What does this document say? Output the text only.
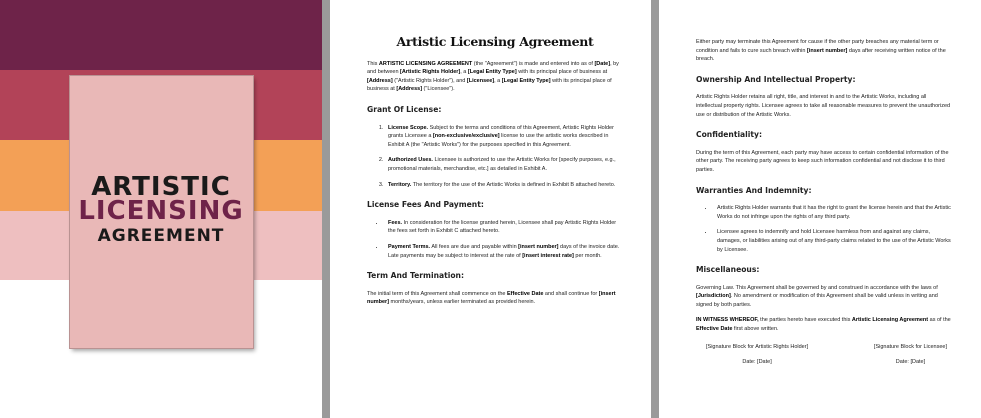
ARTISTIC
LICENSING
AGREEMENT
Artistic Licensing Agreement

This ARTISTIC LICENSING AGREEMENT (the "Agreement") is made and entered into as of [Date], by and between [Artistic Rights Holder], a [Legal Entity Type] with its principal place of business at [Address] ("Artistic Rights Holder"), and [Licensee], a [Legal Entity Type] with its principal place of business at [Address] ("Licensee").

Grant Of License:
1. License Scope. Subject to the terms and conditions of this Agreement, Artistic Rights Holder grants Licensee a [non-exclusive/exclusive] license to use the artistic works described in Exhibit A (the "Artistic Works") for the purposes specified in this Agreement.
2. Authorized Uses. Licensee is authorized to use the Artistic Works for [specify purposes, e.g., promotional materials, merchandise, etc.] as detailed in Exhibit A.
3. Territory. The territory for the use of the Artistic Works is defined in Exhibit B attached hereto.
License Fees And Payment:
• Fees. In consideration for the license granted herein, Licensee shall pay Artistic Rights Holder the fees set forth in Exhibit C attached hereto.
• Payment Terms. All fees are due and payable within [insert number] days of the invoice date. Late payments may be subject to interest at the rate of [insert interest rate] per month.
Term And Termination:

The initial term of this Agreement shall commence on the Effective Date and shall continue for [insert number] months/years, unless earlier terminated as provided herein.

Either party may terminate this Agreement for cause if the other party breaches any material term or condition and fails to cure such breach within [insert number] days after receiving written notice of the breach.

Ownership And Intellectual Property:

Artistic Rights Holder retains all right, title, and interest in and to the Artistic Works, including all intellectual property rights. Licensee agrees to take all reasonable measures to prevent the unauthorized use or distribution of the Artistic Works.

Confidentiality:

During the term of this Agreement, each party may have access to certain confidential information of the other party. The receiving party agrees to keep such information confidential and not disclose it to third parties.

Warranties And Indemnity:
• Artistic Rights Holder warrants that it has the right to grant the license herein and that the Artistic Works do not infringe upon the rights of any third party.
• Licensee agrees to indemnify and hold Licensee harmless from and against any claims, damages, or liabilities arising out of any third-party claims related to the use of the Artistic Works by Licensee.
Miscellaneous:

Governing Law. This Agreement shall be governed by and construed in accordance with the laws of [Jurisdiction]. No amendment or modification of this Agreement shall be valid unless in writing and signed by both parties.

IN WITNESS WHEREOF, the parties hereto have executed this Artistic Licensing Agreement as of the Effective Date first above written.

[Signature Block for Artistic Rights Holder]
Date: [Date]
[Signature Block for Licensee]
Date: [Date]
